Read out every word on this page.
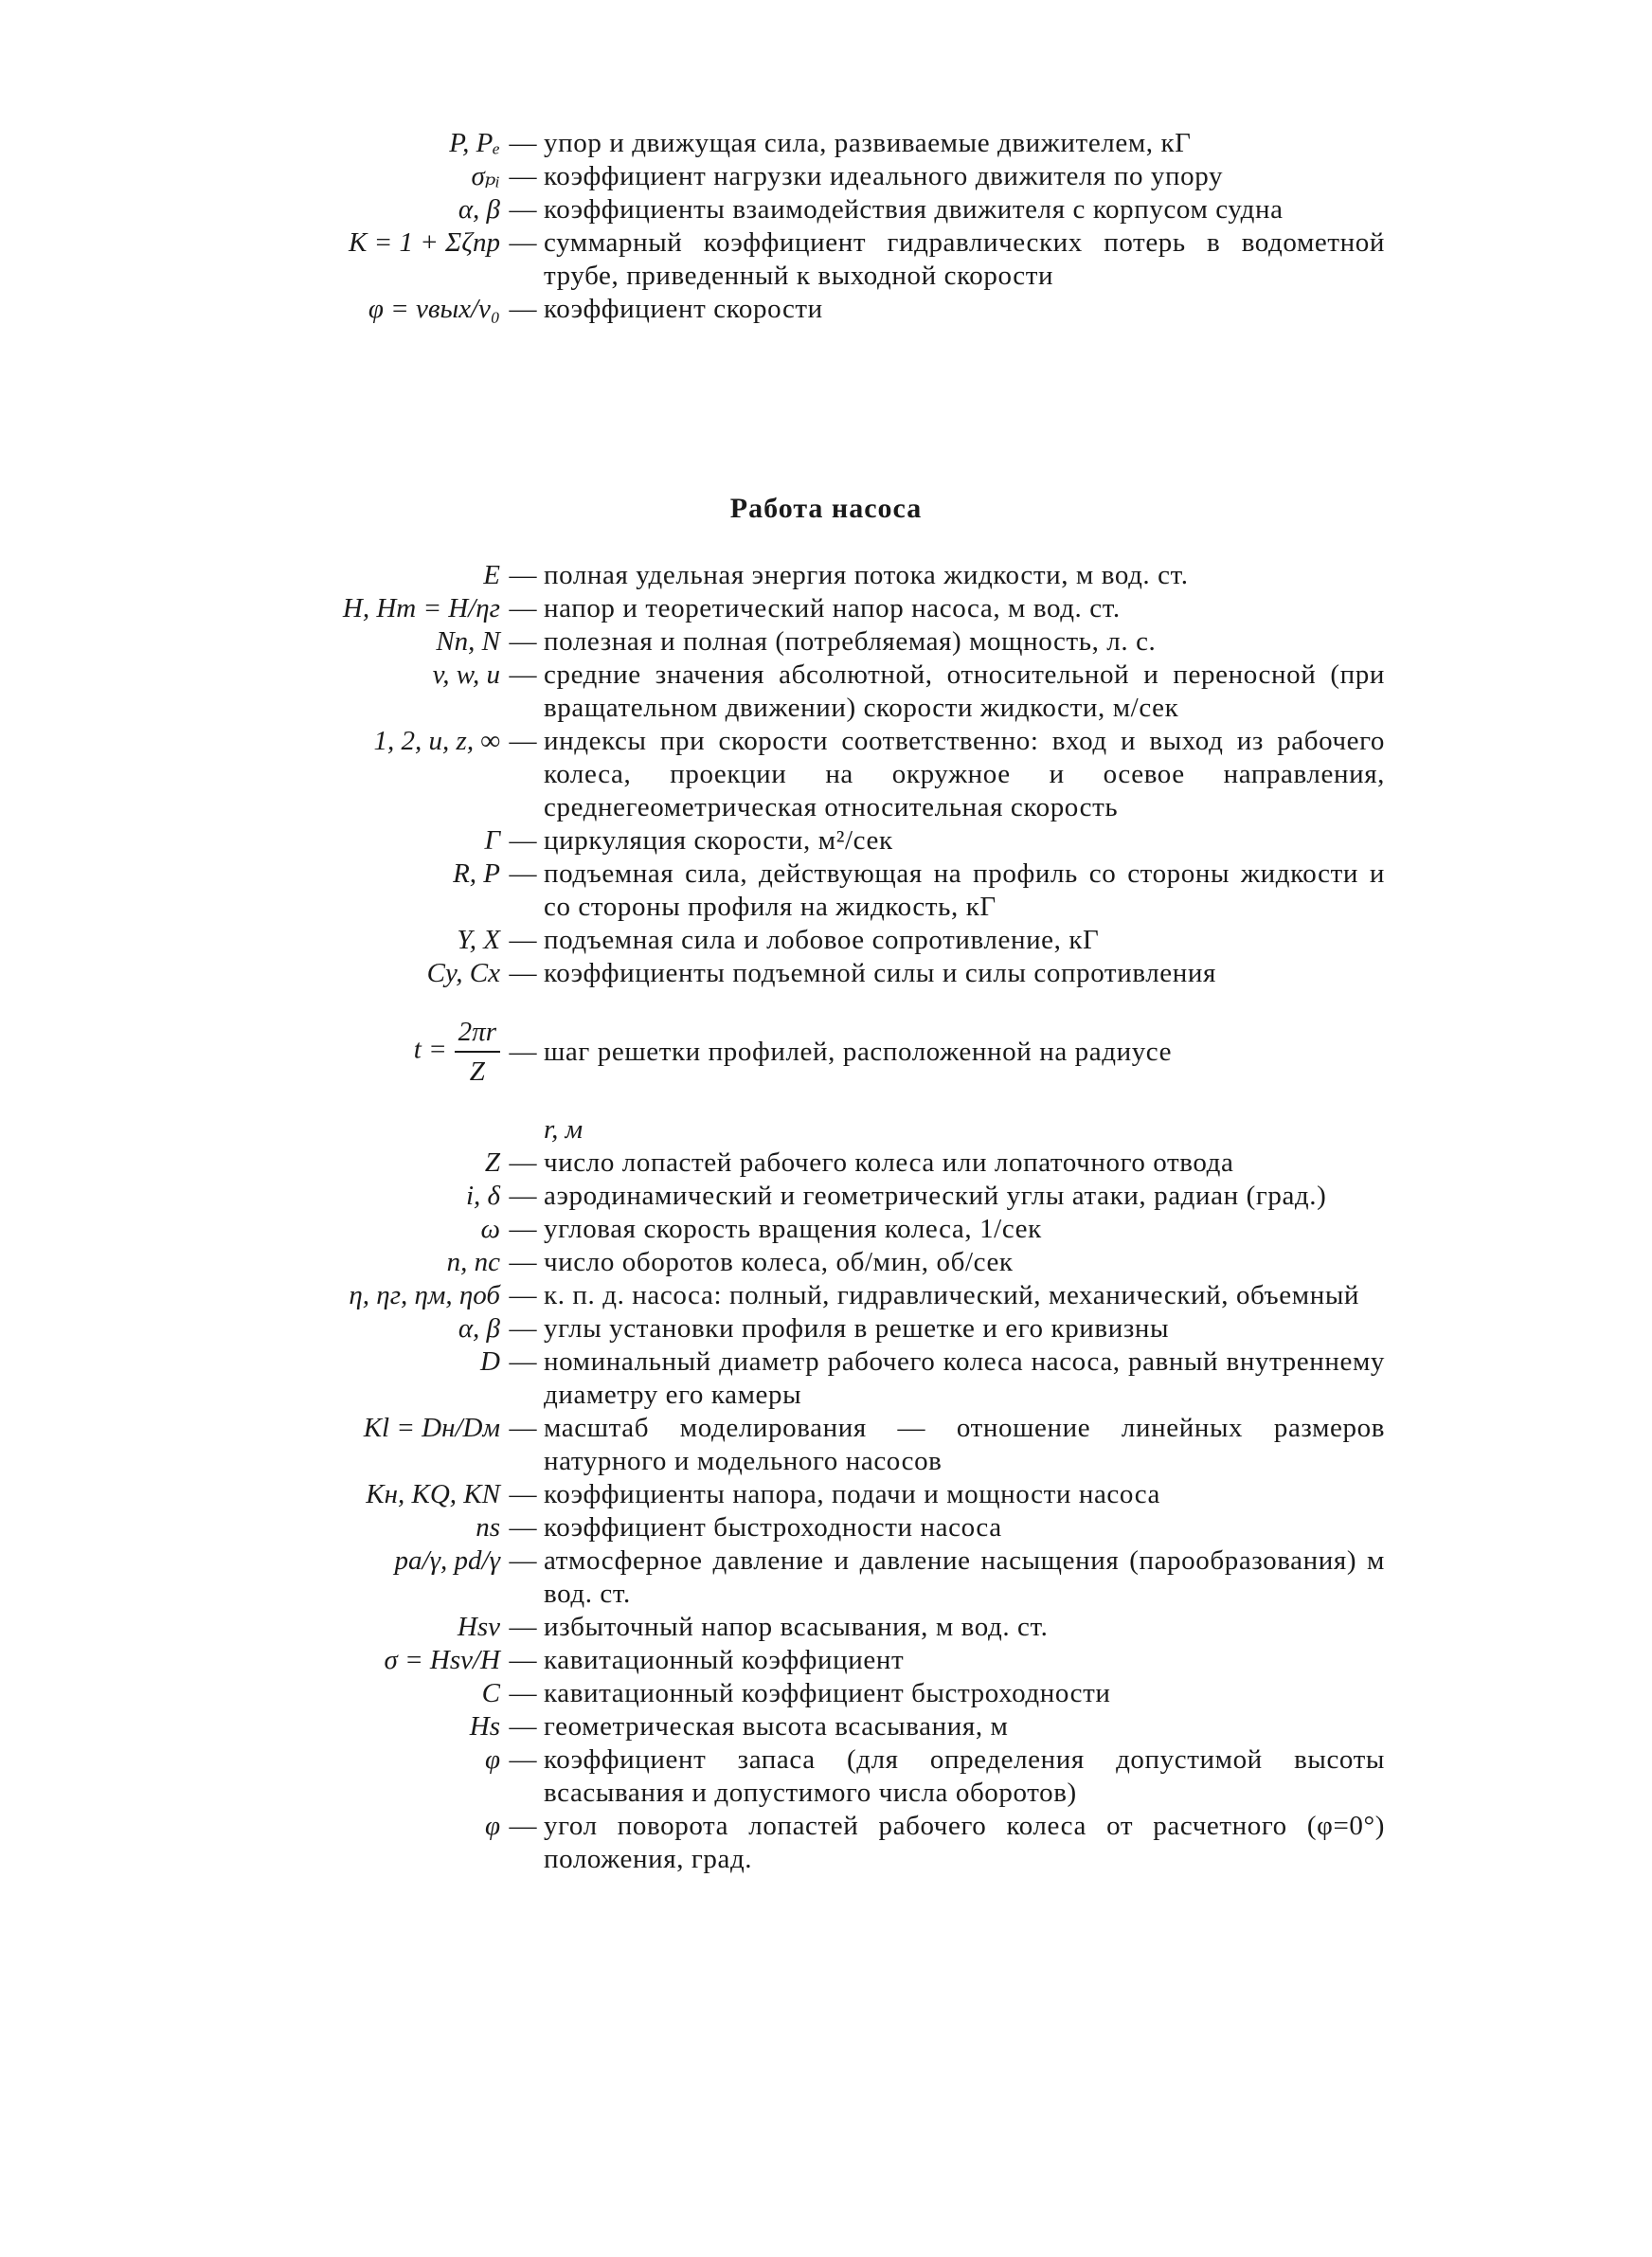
P, Pₑ — упор и движущая сила, развиваемые движителем, кГ
σₚᵢ — коэффициент нагрузки идеального движителя по упору
α, β — коэффициенты взаимодействия движителя с корпусом судна
K = 1 + Σζпр — суммарный коэффициент гидравлических потерь в водометной трубе, приведенный к выходной скорости
φ = vвых/v₀ — коэффициент скорости
Работа насоса
E — полная удельная энергия потока жидкости, м вод. ст.
H, Hт = H/ηг — напор и теоретический напор насоса, м вод. ст.
Nп, N — полезная и полная (потребляемая) мощность, л. с.
v, w, u — средние значения абсолютной, относительной и переносной (при вращательном движении) скорости жидкости, м/сек
1, 2, u, z, ∞ — индексы при скорости соответственно: вход и выход из рабочего колеса, проекции на окружное и осевое направления, среднегеометрическая относительная скорость
Γ — циркуляция скорости, м²/сек
R, P — подъемная сила, действующая на профиль со стороны жидкости и со стороны профиля на жидкость, кГ
Y, X — подъемная сила и лобовое сопротивление, кГ
Cy, Cx — коэффициенты подъемной силы и силы сопротивления
$t = \frac{2\pi r}{Z}$ — шаг решетки профилей, расположенной на радиусе
r, м
Z — число лопастей рабочего колеса или лопаточного отвода
i, δ — аэродинамический и геометрический углы атаки, радиан (град.)
ω — угловая скорость вращения колеса, 1/сек
n, nс — число оборотов колеса, об/мин, об/сек
η, ηг, ηм, ηоб — к. п. д. насоса: полный, гидравлический, механический, объемный
α, β — углы установки профиля в решетке и его кривизны
D — номинальный диаметр рабочего колеса насоса, равный внутреннему диаметру его камеры
Kl = Dн/Dм — масштаб моделирования — отношение линейных размеров натурного и модельного насосов
Kн, KQ, KN — коэффициенты напора, подачи и мощности насоса
ns — коэффициент быстроходности насоса
pa/γ, pd/γ — атмосферное давление и давление насыщения (парообразования) м вод. ст.
Hsv — избыточный напор всасывания, м вод. ст.
σ = Hsv/H — кавитационный коэффициент
C — кавитационный коэффициент быстроходности
Hs — геометрическая высота всасывания, м
φ — коэффициент запаса (для определения допустимой высоты всасывания и допустимого числа оборотов)
φ — угол поворота лопастей рабочего колеса от расчетного (φ=0°) положения, град.
